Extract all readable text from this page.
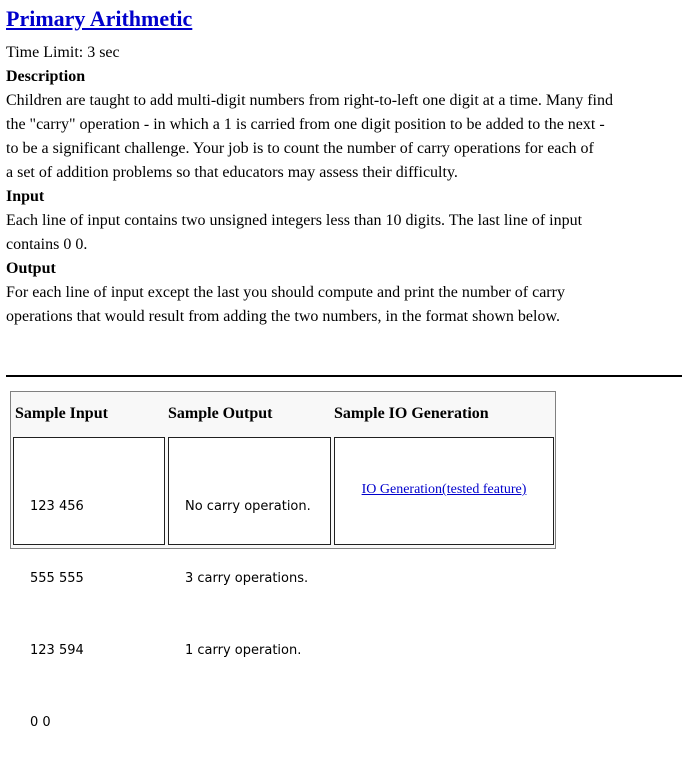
Primary Arithmetic

Time Limit: 3 sec

Description

Children are taught to add multi-digit numbers from right-to-left one digit at a time. Many find

the "carry" operation - in which a 1 is carried from one digit position to be added to the next -

to be a significant challenge. Your job is to count the number of carry operations for each of

a set of addition problems so that educators may assess their difficulty.

Input

Each line of input contains two unsigned integers less than 10 digits. The last line of input

contains 0 0.

Output

For each line of input except the last you should compute and print the number of carry

operations that would result from adding the two numbers, in the format shown below.

Sample Input	Sample Output	Sample IO Generation

123 456

555 555

123 594

0 0

No carry operation.

3 carry operations.

1 carry operation.

IO Generation(tested feature)
